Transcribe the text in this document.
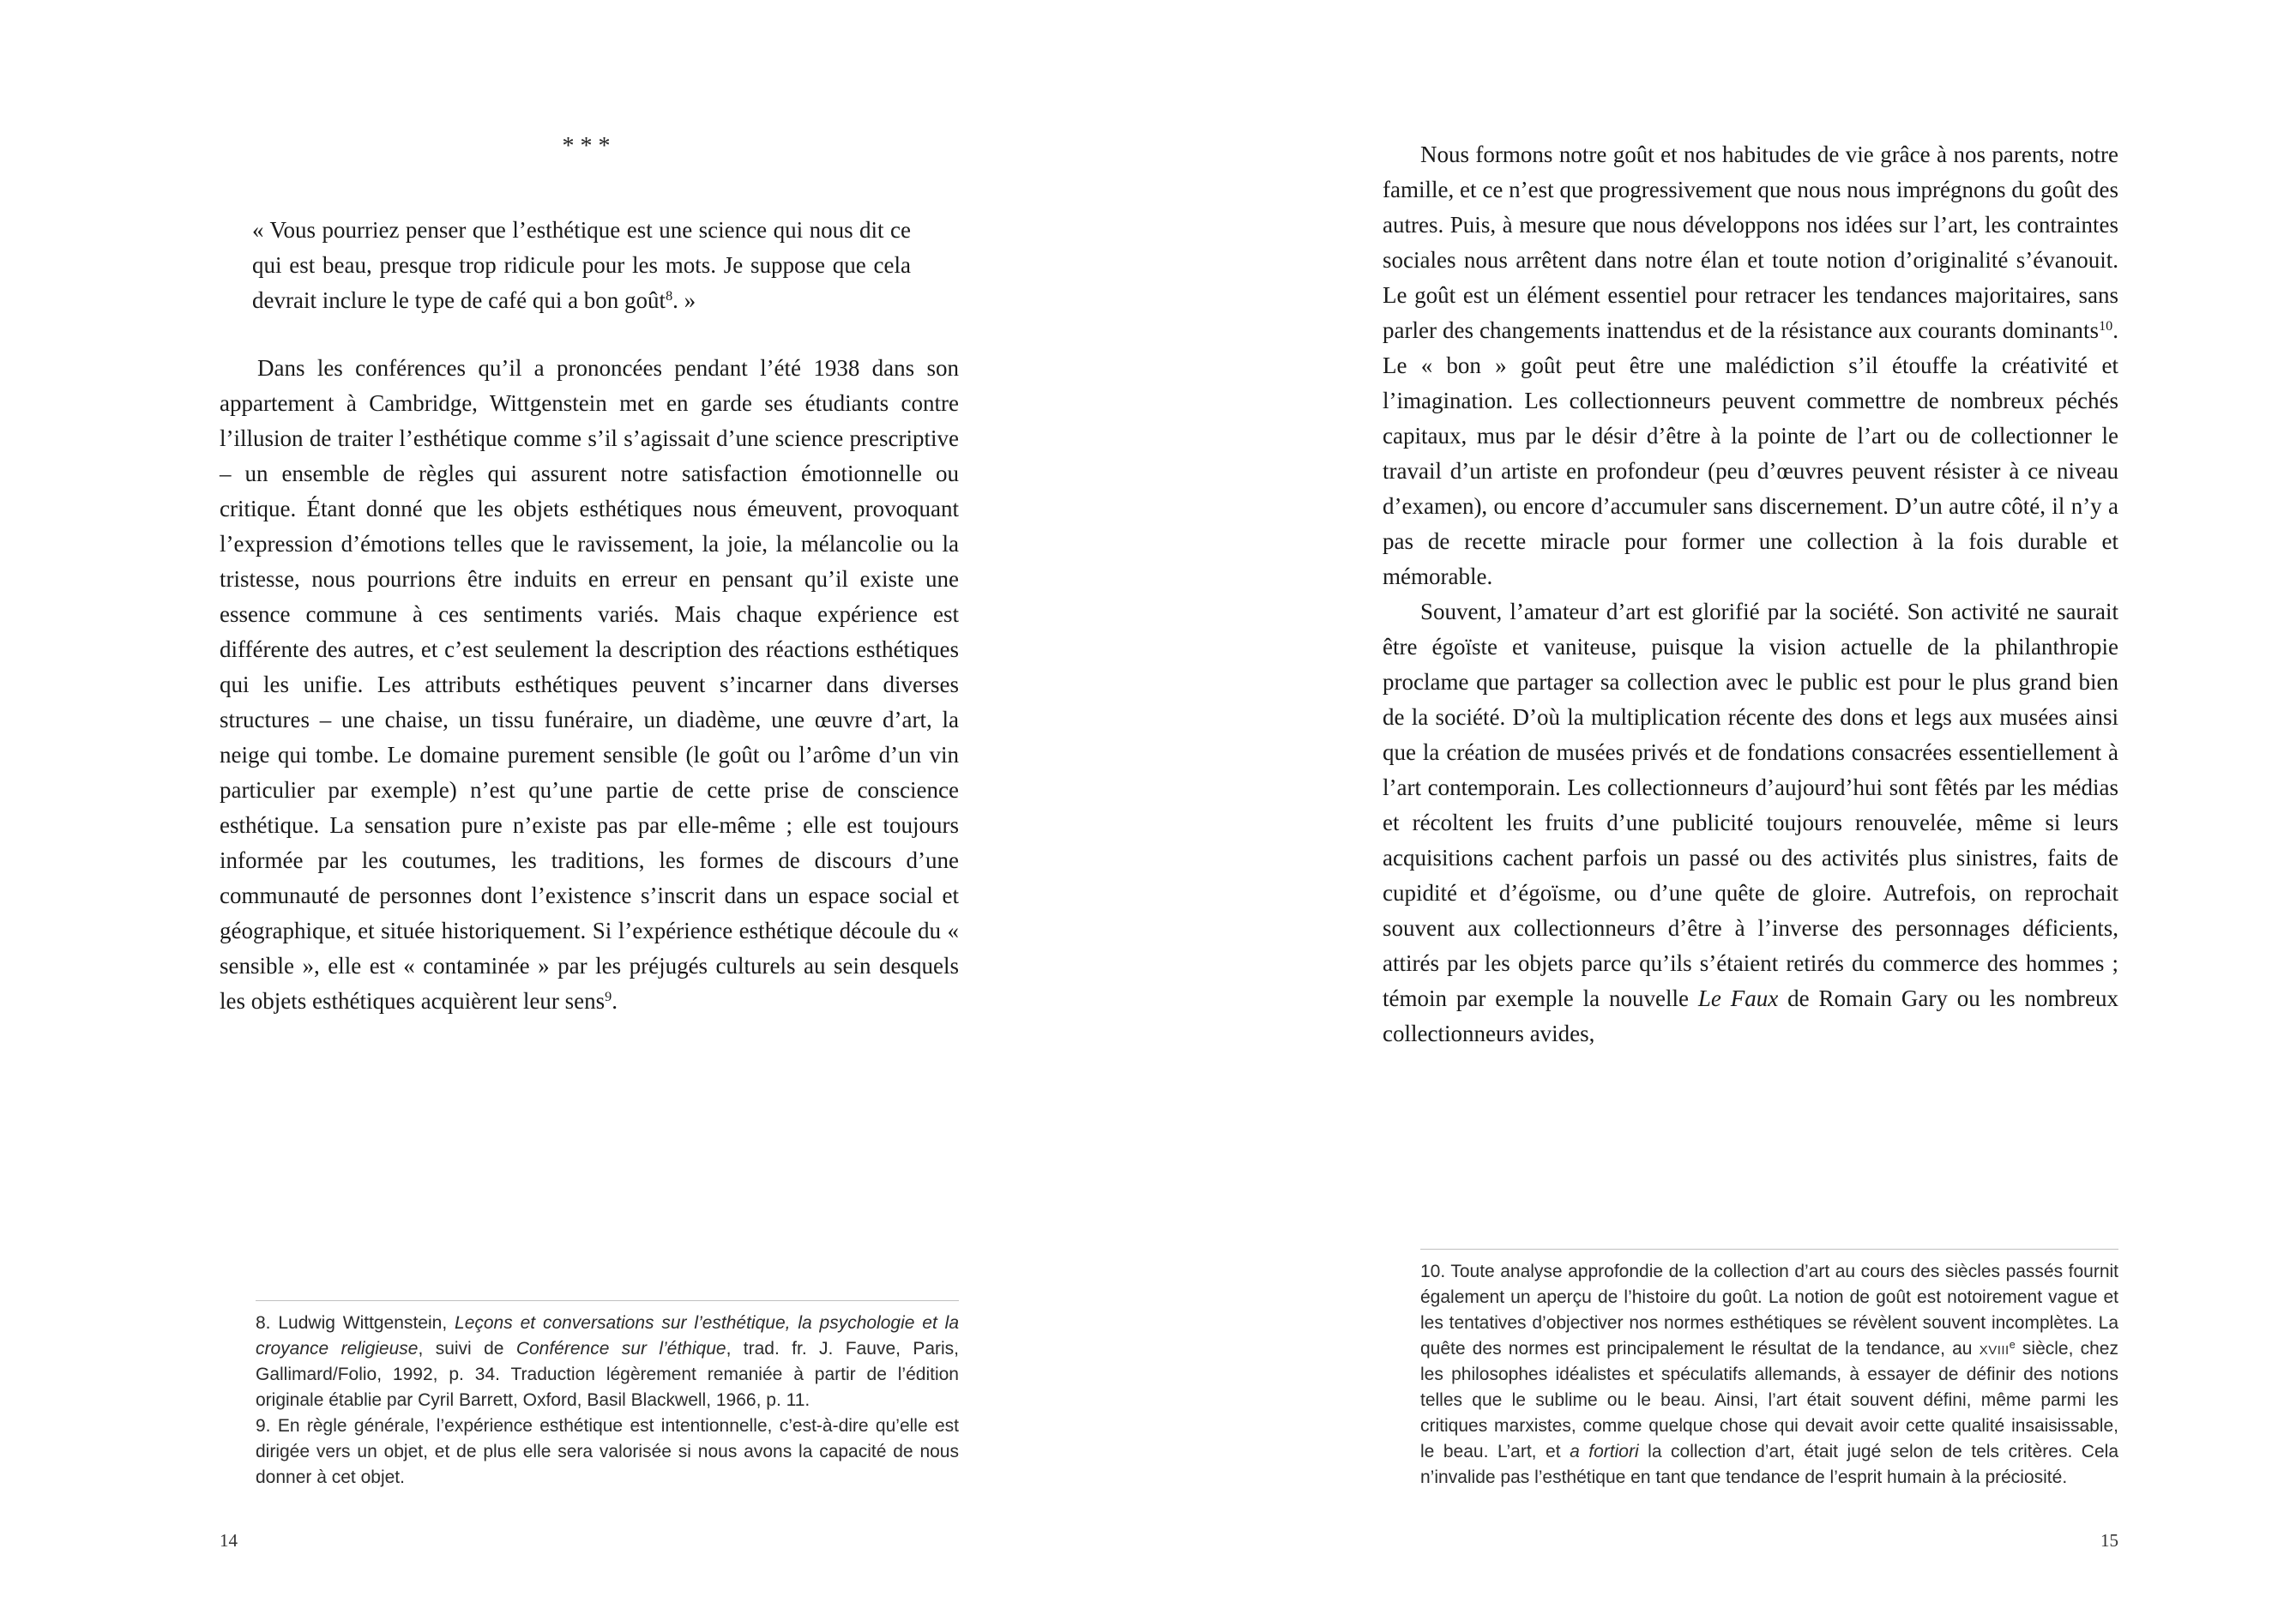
***
« Vous pourriez penser que l’esthétique est une science qui nous dit ce qui est beau, presque trop ridicule pour les mots. Je suppose que cela devrait inclure le type de café qui a bon goût$^8$. »

Dans les conférences qu’il a prononcées pendant l’été 1938 dans son appartement à Cambridge, Wittgenstein met en garde ses étudiants contre l’illusion de traiter l’esthétique comme s’il s’agissait d’une science prescriptive – un ensemble de règles qui assurent notre satisfaction émotionnelle ou critique. Étant donné que les objets esthétiques nous émeuvent, provoquant l’expression d’émotions telles que le ravissement, la joie, la mélancolie ou la tristesse, nous pourrions être induits en erreur en pensant qu’il existe une essence commune à ces sentiments variés. Mais chaque expérience est différente des autres, et c’est seulement la description des réactions esthétiques qui les unifie. Les attributs esthétiques peuvent s’incarner dans diverses structures – une chaise, un tissu funéraire, un diadème, une œuvre d’art, la neige qui tombe. Le domaine purement sensible (le goût ou l’arôme d’un vin particulier par exemple) n’est qu’une partie de cette prise de conscience esthétique. La sensation pure n’existe pas par elle-même ; elle est toujours informée par les coutumes, les traditions, les formes de discours d’une communauté de personnes dont l’existence s’inscrit dans un espace social et géographique, et située historiquement. Si l’expérience esthétique découle du « sensible », elle est « contaminée » par les préjugés culturels au sein desquels les objets esthétiques acquièrent leur sens$^9$.

8. Ludwig Wittgenstein, Leçons et conversations sur l’esthétique, la psychologie et la croyance religieuse, suivi de Conférence sur l’éthique, trad. fr. J. Fauve, Paris, Gallimard/Folio, 1992, p. 34. Traduction légèrement remaniée à partir de l’édition originale établie par Cyril Barrett, Oxford, Basil Blackwell, 1966, p. 11.

9. En règle générale, l’expérience esthétique est intentionnelle, c’est-à-dire qu’elle est dirigée vers un objet, et de plus elle sera valorisée si nous avons la capacité de nous donner à cet objet.

14

Nous formons notre goût et nos habitudes de vie grâce à nos parents, notre famille, et ce n’est que progressivement que nous nous imprégnons du goût des autres. Puis, à mesure que nous développons nos idées sur l’art, les contraintes sociales nous arrêtent dans notre élan et toute notion d’originalité s’évanouit. Le goût est un élément essentiel pour retracer les tendances majoritaires, sans parler des changements inattendus et de la résistance aux courants dominants$^{10}$. Le « bon » goût peut être une malédiction s’il étouffe la créativité et l’imagination. Les collectionneurs peuvent commettre de nombreux péchés capitaux, mus par le désir d’être à la pointe de l’art ou de collectionner le travail d’un artiste en profondeur (peu d’œuvres peuvent résister à ce niveau d’examen), ou encore d’accumuler sans discernement. D’un autre côté, il n’y a pas de recette miracle pour former une collection à la fois durable et mémorable.

Souvent, l’amateur d’art est glorifié par la société. Son activité ne saurait être égoïste et vaniteuse, puisque la vision actuelle de la philanthropie proclame que partager sa collection avec le public est pour le plus grand bien de la société. D’où la multiplication récente des dons et legs aux musées ainsi que la création de musées privés et de fondations consacrées essentiellement à l’art contemporain. Les collectionneurs d’aujourd’hui sont fêtés par les médias et récoltent les fruits d’une publicité toujours renouvelée, même si leurs acquisitions cachent parfois un passé ou des activités plus sinistres, faits de cupidité et d’égoïsme, ou d’une quête de gloire. Autrefois, on reprochait souvent aux collectionneurs d’être à l’inverse des personnages déficients, attirés par les objets parce qu’ils s’étaient retirés du commerce des hommes ; témoin par exemple la nouvelle Le Faux de Romain Gary ou les nombreux collectionneurs avides,

10. Toute analyse approfondie de la collection d’art au cours des siècles passés fournit également un aperçu de l’histoire du goût. La notion de goût est notoirement vague et les tentatives d’objectiver nos normes esthétiques se révèlent souvent incomplètes. La quête des normes est principalement le résultat de la tendance, au xviii$^e$ siècle, chez les philosophes idéalistes et spéculatifs allemands, à essayer de définir des notions telles que le sublime ou le beau. Ainsi, l’art était souvent défini, même parmi les critiques marxistes, comme quelque chose qui devait avoir cette qualité insaisissable, le beau. L’art, et a fortiori la collection d’art, était jugé selon de tels critères. Cela n’invalide pas l’esthétique en tant que tendance de l’esprit humain à la préciosité.

15
